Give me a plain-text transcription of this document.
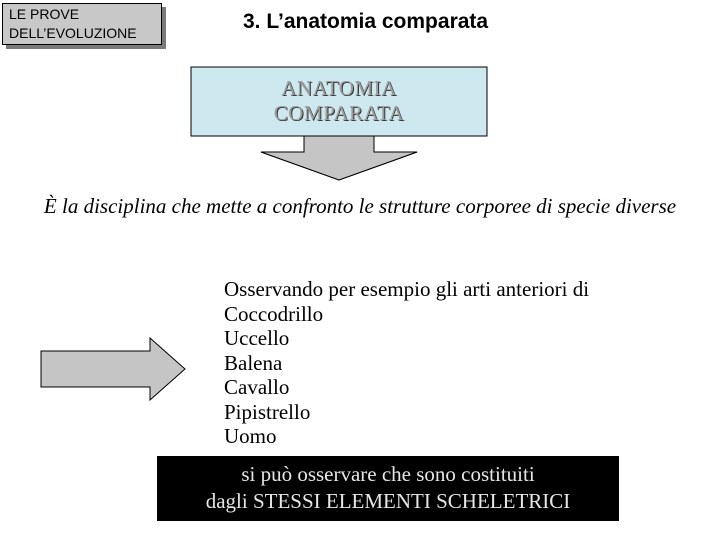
LE PROVE
DELL’EVOLUZIONE	3. L’anatomia comparata
ANATOMIA
COMPARATA
È la disciplina che mette a confronto le strutture corporee di specie diverse
Osservando per esempio gli arti anteriori di
Coccodrillo
Uccello
Balena
Cavallo
Pipistrello
Uomo
si può osservare che sono costituiti
dagli STESSI ELEMENTI SCHELETRICI
